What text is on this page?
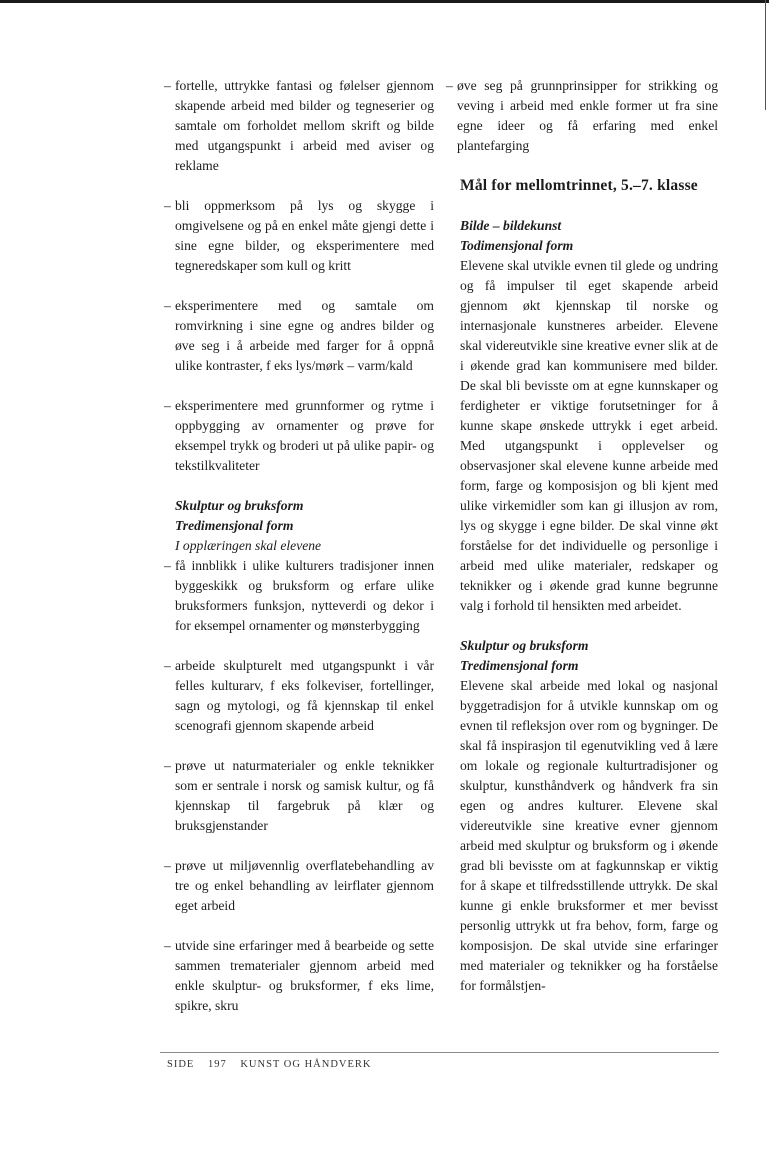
– fortelle, uttrykke fantasi og følelser gjennom skapende arbeid med bilder og tegneserier og samtale om forholdet mellom skrift og bilde med utgangspunkt i arbeid med aviser og reklame
– bli oppmerksom på lys og skygge i omgivelsene og på en enkel måte gjengi dette i sine egne bilder, og eksperimentere med tegneredskaper som kull og kritt
– eksperimentere med og samtale om romvirkning i sine egne og andres bilder og øve seg i å arbeide med farger for å oppnå ulike kontraster, f eks lys/mørk – varm/kald
– eksperimentere med grunnformer og rytme i oppbygging av ornamenter og prøve for eksempel trykk og broderi ut på ulike papir- og tekstilkvaliteter

Skulptur og bruksform

Tredimensjonal form

I opplæringen skal elevene

– få innblikk i ulike kulturers tradisjoner innen byggeskikk og bruksform og erfare ulike bruksformers funksjon, nytteverdi og dekor i for eksempel ornamenter og mønsterbygging
– arbeide skulpturelt med utgangspunkt i vår felles kulturarv, f eks folkeviser, fortellinger, sagn og mytologi, og få kjennskap til enkel scenografi gjennom skapende arbeid
– prøve ut naturmaterialer og enkle teknikker som er sentrale i norsk og samisk kultur, og få kjennskap til fargebruk på klær og bruksgjenstander
– prøve ut miljøvennlig overflatebehandling av tre og enkel behandling av leirflater gjennom eget arbeid
– utvide sine erfaringer med å bearbeide og sette sammen trematerialer gjennom arbeid med enkle skulptur- og bruksformer, f eks lime, spikre, skru
– øve seg på grunnprinsipper for strikking og veving i arbeid med enkle former ut fra sine egne ideer og få erfaring med enkel plantefarging
Mål for mellomtrinnet, 5.–7. klasse

Bilde – bildekunst

Todimensjonal form

Elevene skal utvikle evnen til glede og undring og få impulser til eget skapende arbeid gjennom økt kjennskap til norske og internasjonale kunstneres arbeider. Elevene skal videreutvikle sine kreative evner slik at de i økende grad kan kommunisere med bilder. De skal bli bevisste om at egne kunnskaper og ferdigheter er viktige forutsetninger for å kunne skape ønskede uttrykk i eget arbeid. Med utgangspunkt i opplevelser og observasjoner skal elevene kunne arbeide med form, farge og komposisjon og bli kjent med ulike virkemidler som kan gi illusjon av rom, lys og skygge i egne bilder. De skal vinne økt forståelse for det individuelle og personlige i arbeid med ulike materialer, redskaper og teknikker og i økende grad kunne begrunne valg i forhold til hensikten med arbeidet.

Skulptur og bruksform

Tredimensjonal form

Elevene skal arbeide med lokal og nasjonal byggetradisjon for å utvikle kunnskap om og evnen til refleksjon over rom og bygninger. De skal få inspirasjon til egenutvikling ved å lære om lokale og regionale kulturtradisjoner og skulptur, kunsthåndverk og håndverk fra sin egen og andres kulturer. Elevene skal videreutvikle sine kreative evner gjennom arbeid med skulptur og bruksform og i økende grad bli bevisste om at fagkunnskap er viktig for å skape et tilfredsstillende uttrykk. De skal kunne gi enkle bruksformer et mer bevisst personlig uttrykk ut fra behov, form, farge og komposisjon. De skal utvide sine erfaringer med materialer og teknikker og ha forståelse for formålstjen-

SIDE 197 KUNST OG HÅNDVERK
